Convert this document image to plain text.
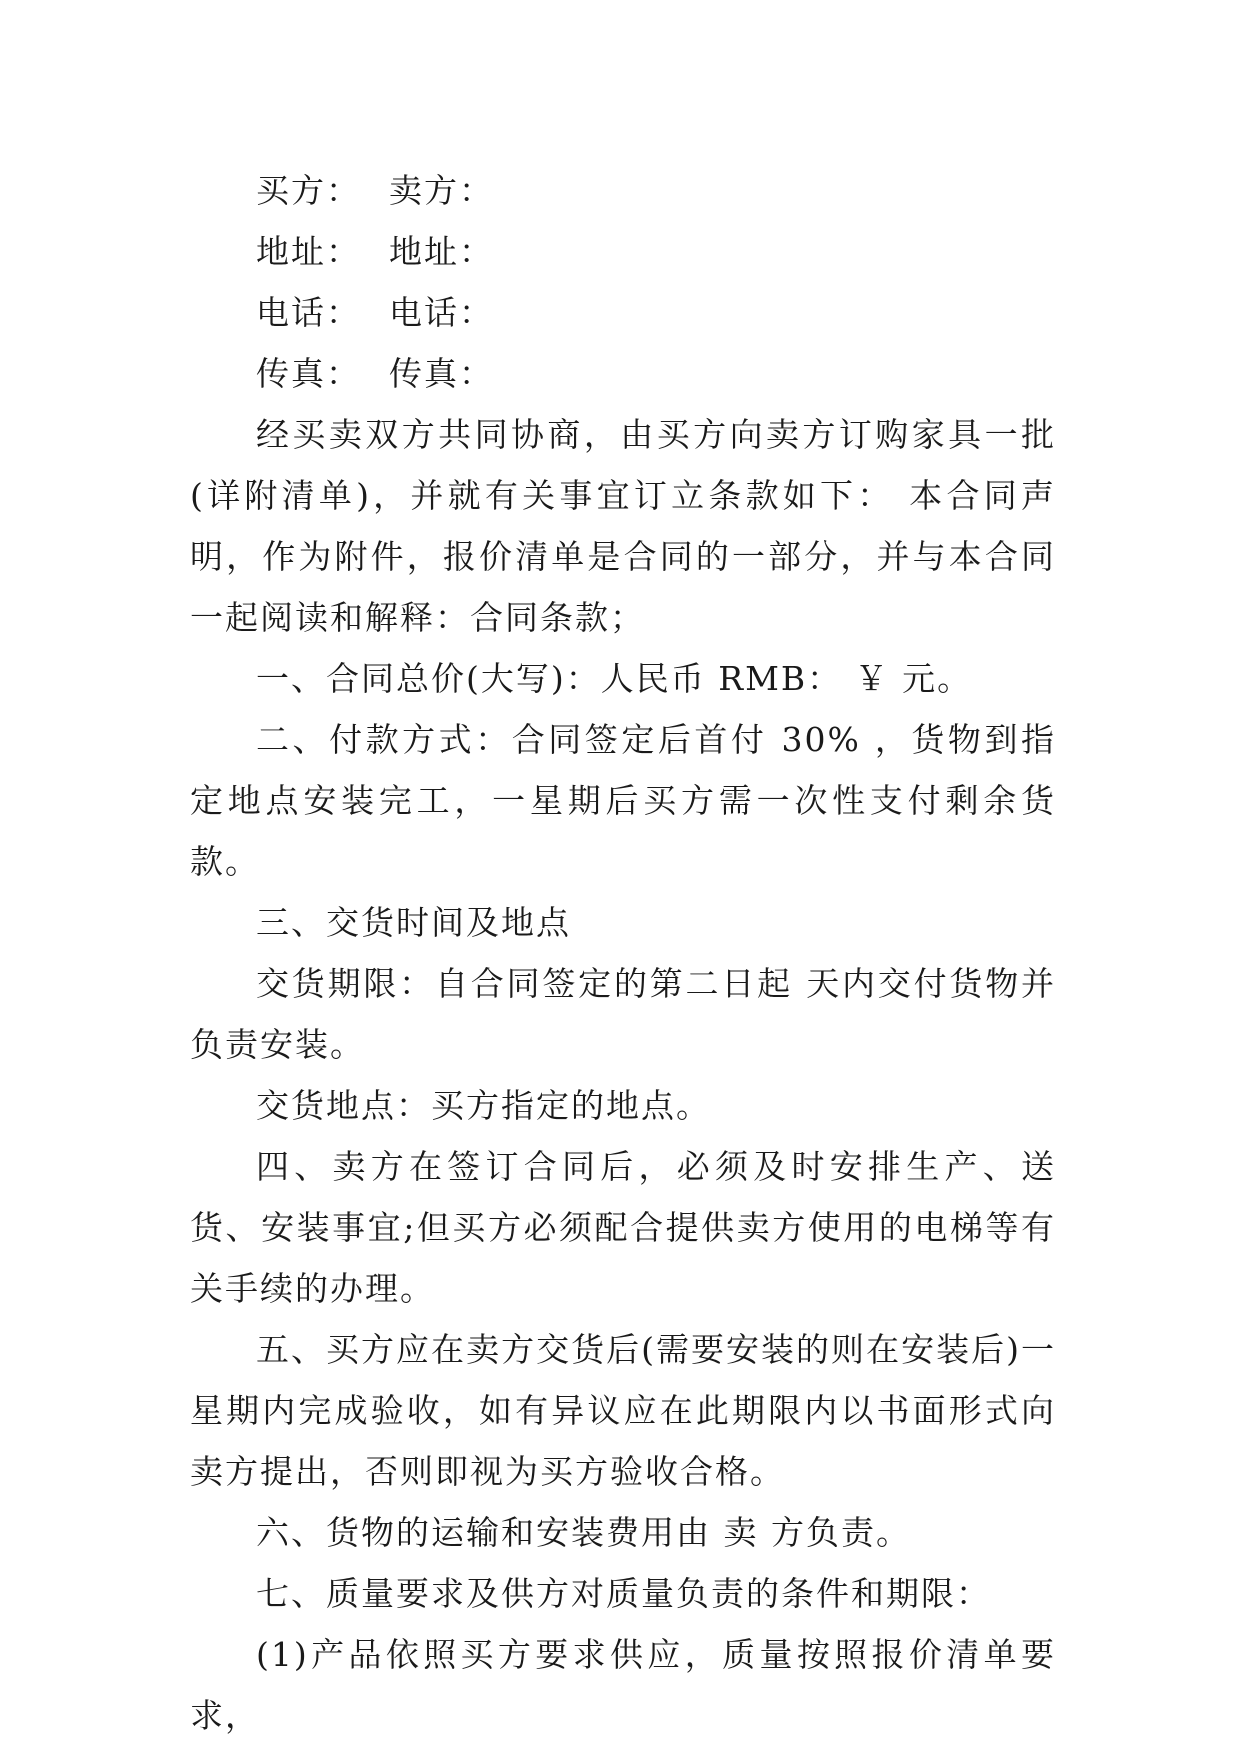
买方： 卖方：

地址： 地址：

电话： 电话：

传真： 传真：

经买卖双方共同协商，由买方向卖方订购家具一批(详附清单)，并就有关事宜订立条款如下： 本合同声明，作为附件，报价清单是合同的一部分，并与本合同一起阅读和解释：合同条款；

一、合同总价(大写)：人民币 RMB： ￥ 元。

二、付款方式：合同签定后首付 30% ，货物到指定地点安装完工，一星期后买方需一次性支付剩余货款。

三、交货时间及地点

交货期限：自合同签定的第二日起 天内交付货物并负责安装。

交货地点：买方指定的地点。

四、卖方在签订合同后，必须及时安排生产、送货、安装事宜;但买方必须配合提供卖方使用的电梯等有关手续的办理。

五、买方应在卖方交货后(需要安装的则在安装后)一星期内完成验收，如有异议应在此期限内以书面形式向卖方提出，否则即视为买方验收合格。

六、货物的运输和安装费用由 卖 方负责。

七、质量要求及供方对质量负责的条件和期限：

(1)产品依照买方要求供应，质量按照报价清单要求，
